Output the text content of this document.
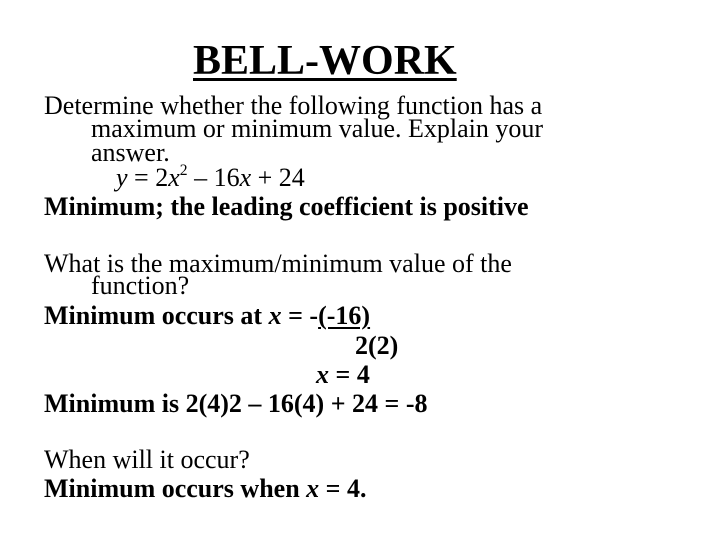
BELL-WORK
Determine whether the following function has a
maximum or minimum value. Explain your
answer.
$y = 2x^2 - 16x + 24$
Minimum; the leading coefficient is positive
What is the maximum/minimum value of the
function?
Minimum occurs at x = -(-16)
2(2)
x = 4
Minimum is 2(4)2 – 16(4) + 24 = -8
When will it occur?
Minimum occurs when x = 4.
